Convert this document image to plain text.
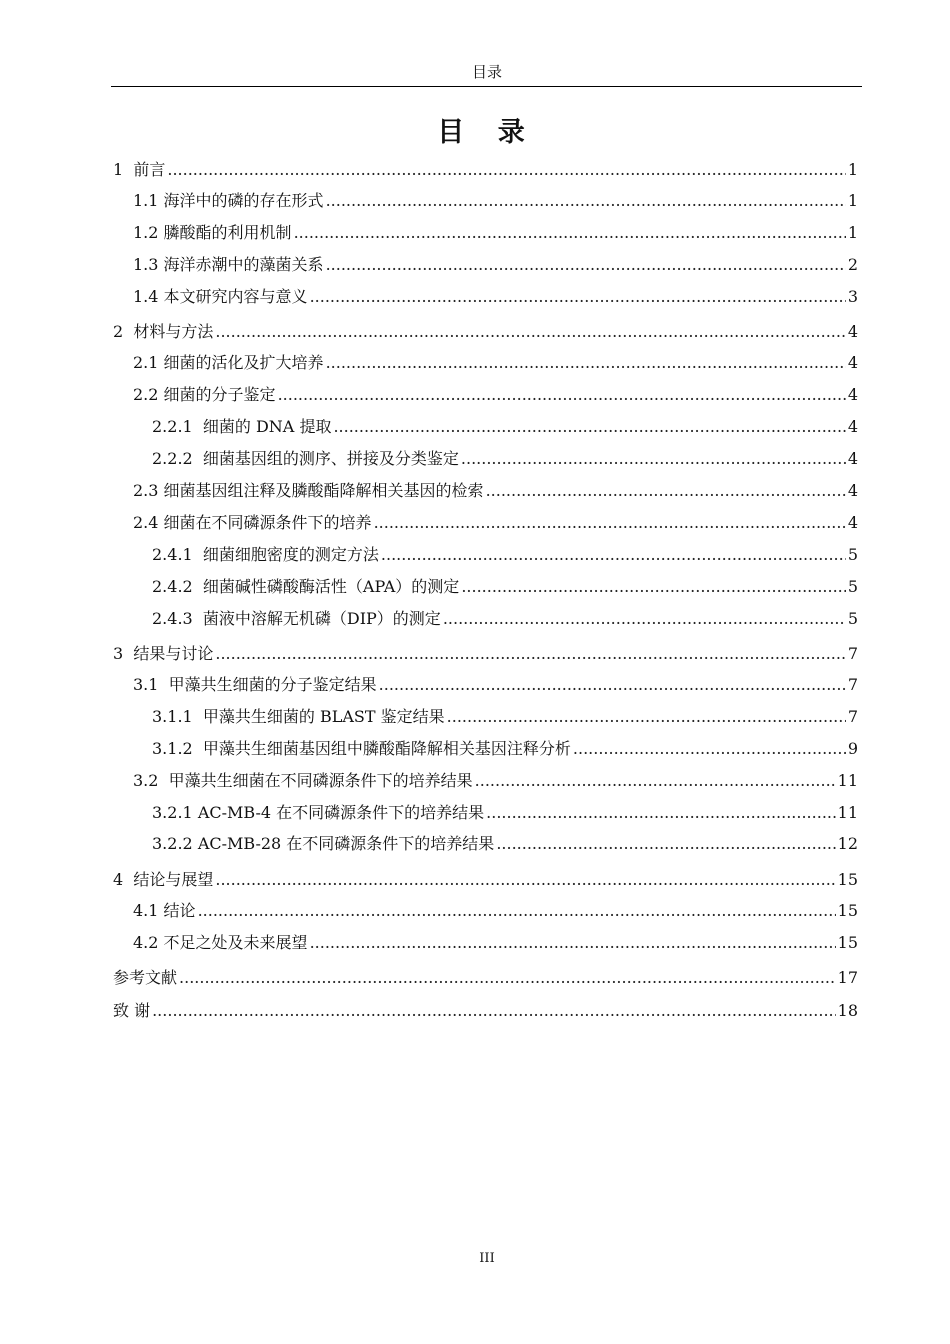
目录
目 录
1 前言 .....	1
1.1 海洋中的磷的存在形式 .....	1
1.2 膦酸酯的利用机制 .....	1
1.3 海洋赤潮中的藻菌关系 .....	2
1.4 本文研究内容与意义 .....	3
2 材料与方法 .....	4
2.1 细菌的活化及扩大培养 .....	4
2.2 细菌的分子鉴定 .....	4
2.2.1 细菌的 DNA 提取 .....	4
2.2.2 细菌基因组的测序、拼接及分类鉴定 .....	4
2.3 细菌基因组注释及膦酸酯降解相关基因的检索 .....	4
2.4 细菌在不同磷源条件下的培养 .....	4
2.4.1 细菌细胞密度的测定方法 .....	5
2.4.2 细菌碱性磷酸酶活性（APA）的测定 .....	5
2.4.3 菌液中溶解无机磷（DIP）的测定 .....	5
3 结果与讨论 .....	7
3.1 甲藻共生细菌的分子鉴定结果 .....	7
3.1.1 甲藻共生细菌的 BLAST 鉴定结果 .....	7
3.1.2 甲藻共生细菌基因组中膦酸酯降解相关基因注释分析 .....	9
3.2 甲藻共生细菌在不同磷源条件下的培养结果 .....	11
3.2.1 AC-MB-4 在不同磷源条件下的培养结果 .....	11
3.2.2 AC-MB-28 在不同磷源条件下的培养结果 .....	12
4 结论与展望 .....	15
4.1 结论 .....	15
4.2 不足之处及未来展望 .....	15
参考文献 .....	17
致 谢 .....	18
III
